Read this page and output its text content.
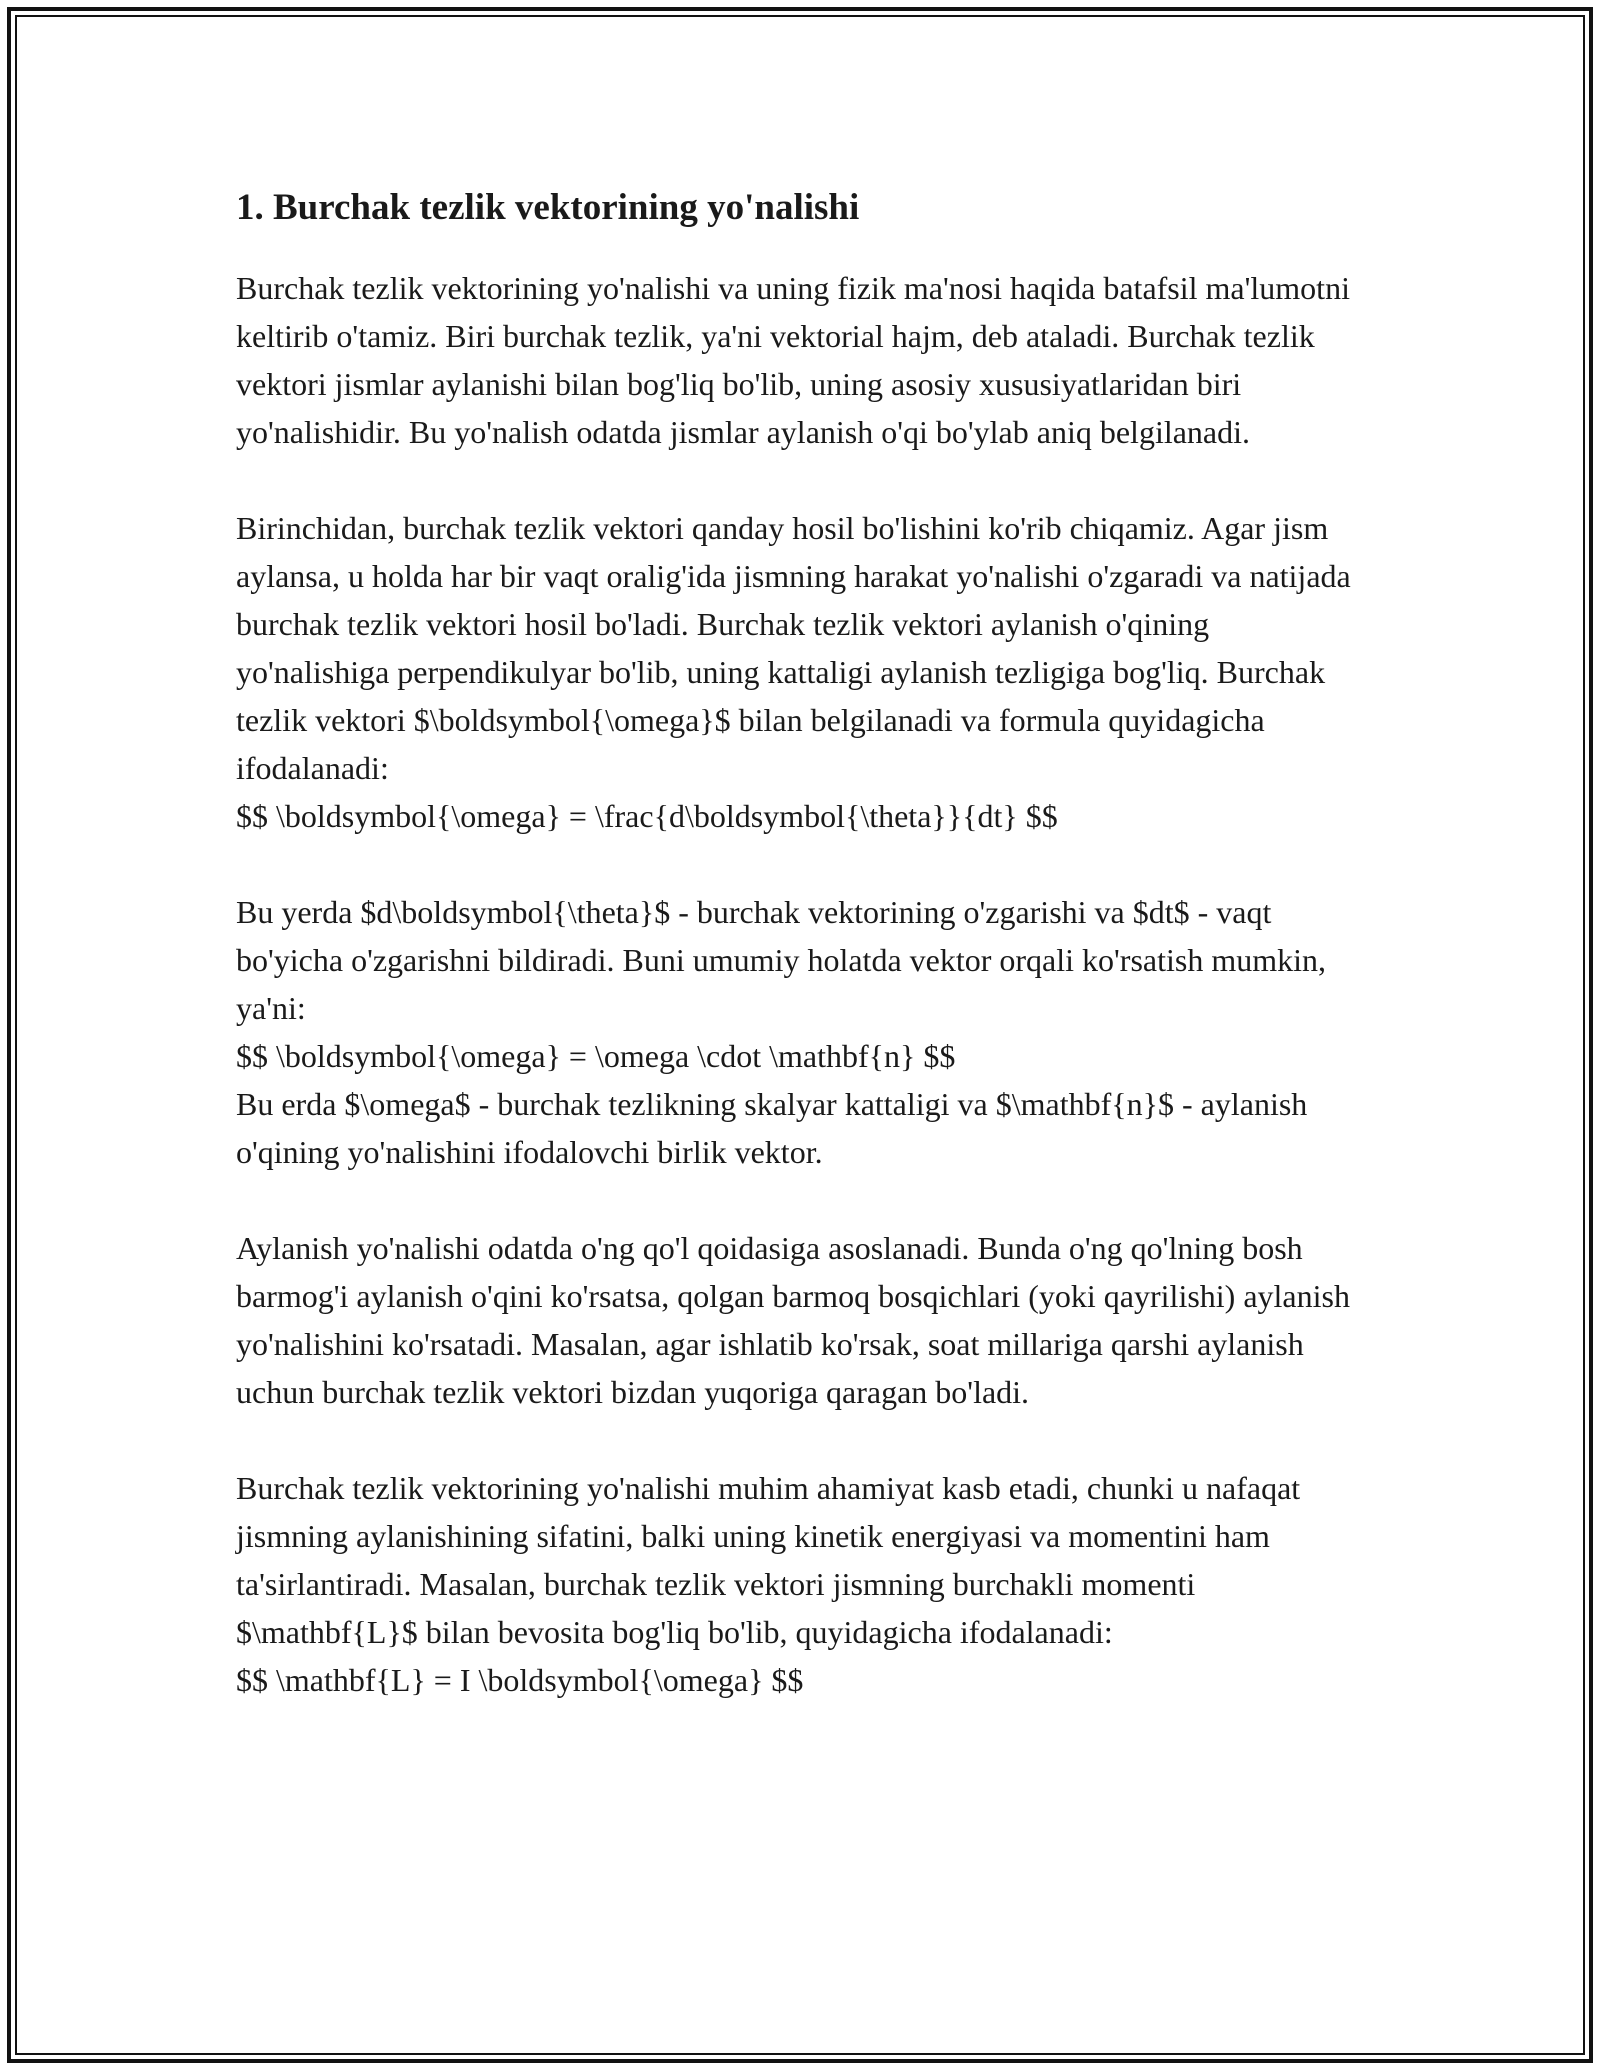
1. Burchak tezlik vektorining yo'nalishi

Burchak tezlik vektorining yo'nalishi va uning fizik ma'nosi haqida batafsil ma'lumotni keltirib o'tamiz. Biri burchak tezlik, ya'ni vektorial hajm, deb ataladi. Burchak tezlik vektori jismlar aylanishi bilan bog'liq bo'lib, uning asosiy xususiyatlaridan biri yo'nalishidir. Bu yo'nalish odatda jismlar aylanish o'qi bo'ylab aniq belgilanadi.

Birinchidan, burchak tezlik vektori qanday hosil bo'lishini ko'rib chiqamiz. Agar jism aylansa, u holda har bir vaqt oralig'ida jismning harakat yo'nalishi o'zgaradi va natijada burchak tezlik vektori hosil bo'ladi. Burchak tezlik vektori aylanish o'qining yo'nalishiga perpendikulyar bo'lib, uning kattaligi aylanish tezligiga bog'liq. Burchak tezlik vektori $\boldsymbol{\omega}$ bilan belgilanadi va formula quyidagicha ifodalanadi:
$$ \boldsymbol{\omega} = \frac{d\boldsymbol{\theta}}{dt} $$

Bu yerda $d\boldsymbol{\theta}$ - burchak vektorining o'zgarishi va $dt$ - vaqt bo'yicha o'zgarishni bildiradi. Buni umumiy holatda vektor orqali ko'rsatish mumkin, ya'ni:
$$ \boldsymbol{\omega} = \omega \cdot \mathbf{n} $$
Bu erda $\omega$ - burchak tezlikning skalyar kattaligi va $\mathbf{n}$ - aylanish o'qining yo'nalishini ifodalovchi birlik vektor.

Aylanish yo'nalishi odatda o'ng qo'l qoidasiga asoslanadi. Bunda o'ng qo'lning bosh barmog'i aylanish o'qini ko'rsatsa, qolgan barmoq bosqichlari (yoki qayrilishi) aylanish yo'nalishini ko'rsatadi. Masalan, agar ishlatib ko'rsak, soat millariga qarshi aylanish uchun burchak tezlik vektori bizdan yuqoriga qaragan bo'ladi.

Burchak tezlik vektorining yo'nalishi muhim ahamiyat kasb etadi, chunki u nafaqat jismning aylanishining sifatini, balki uning kinetik energiyasi va momentini ham ta'sirlantiradi. Masalan, burchak tezlik vektori jismning burchakli momenti $\mathbf{L}$ bilan bevosita bog'liq bo'lib, quyidagicha ifodalanadi:
$$ \mathbf{L} = I \boldsymbol{\omega} $$
